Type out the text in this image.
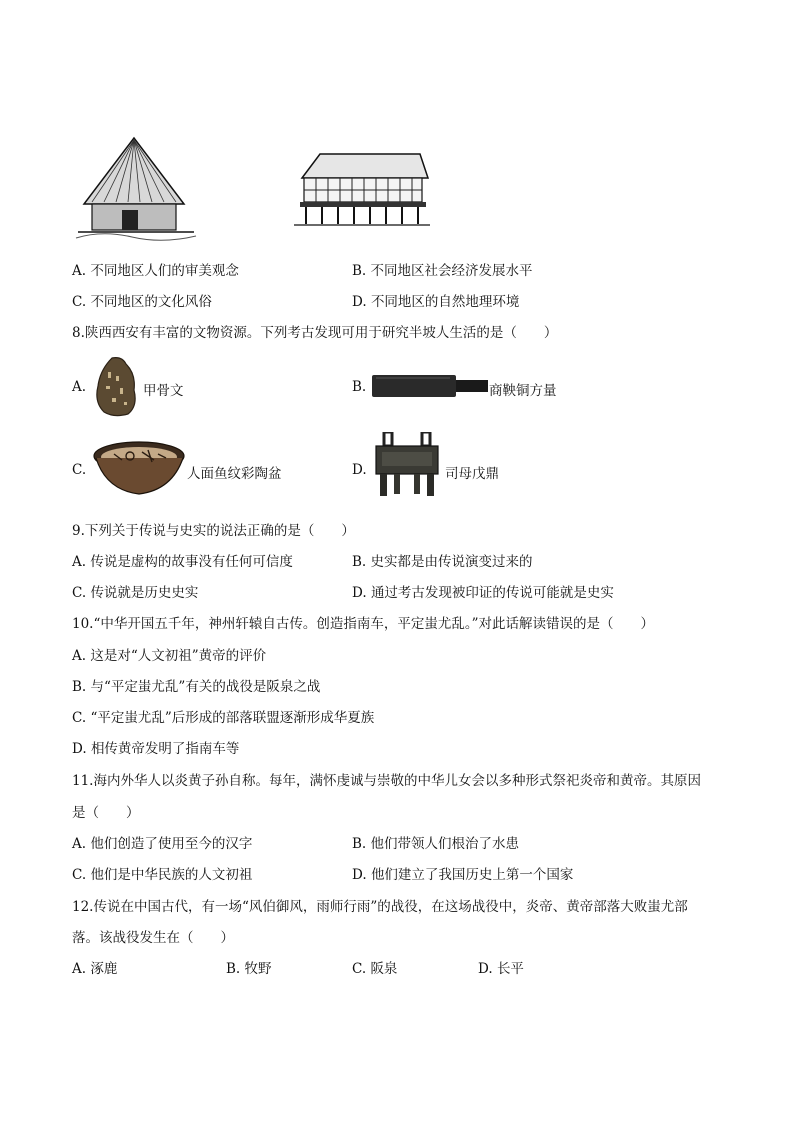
A. 不同地区人们的审美观念	B. 不同地区社会经济发展水平
C. 不同地区的文化风俗	D. 不同地区的自然地理环境
8.陕西西安有丰富的文物资源。下列考古发现可用于研究半坡人生活的是（　　）
A.	甲骨文	B.	商鞅铜方量
C.	人面鱼纹彩陶盆	D.	司母戊鼎
9.下列关于传说与史实的说法正确的是（　　）
A. 传说是虚构的故事没有任何可信度	B. 史实都是由传说演变过来的
C. 传说就是历史史实	D. 通过考古发现被印证的传说可能就是史实
10.“中华开国五千年，神州轩辕自古传。创造指南车，平定蚩尤乱。”对此话解读错误的是（　　）
A. 这是对“人文初祖”黄帝的评价
B. 与“平定蚩尤乱”有关的战役是阪泉之战
C. “平定蚩尤乱”后形成的部落联盟逐渐形成华夏族
D. 相传黄帝发明了指南车等
11.海内外华人以炎黄子孙自称。每年，满怀虔诚与崇敬的中华儿女会以多种形式祭祀炎帝和黄帝。其原因
是（　　）
A. 他们创造了使用至今的汉字	B. 他们带领人们根治了水患
C. 他们是中华民族的人文初祖	D. 他们建立了我国历史上第一个国家
12.传说在中国古代，有一场“风伯御风，雨师行雨”的战役，在这场战役中，炎帝、黄帝部落大败蚩尤部
落。该战役发生在（　　）
A. 涿鹿	B. 牧野	C. 阪泉	D. 长平
